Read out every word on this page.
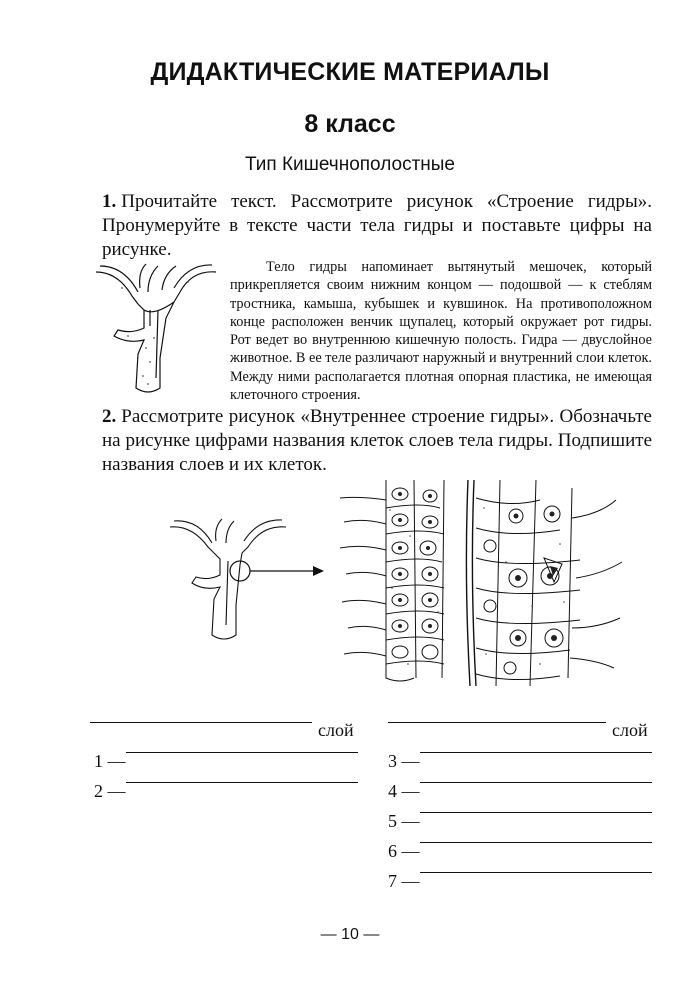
ДИДАКТИЧЕСКИЕ МАТЕРИАЛЫ
8 класс
Тип Кишечнополостные
1. Прочитайте текст. Рассмотрите рисунок «Строение гидры». Пронумеруйте в тексте части тела гидры и поставьте цифры на рисунке.
Тело гидры напоминает вытянутый мешочек, который прикрепляется своим нижним концом — подошвой — к стеблям тростника, камыша, кубышек и кувшинок. На противоположном конце расположен венчик щупалец, который окружает рот гидры. Рот ведет во внутреннюю кишечную полость. Гидра — двуслойное животное. В ее теле различают наружный и внутренний слои клеток. Между ними располагается плотная опорная пластика, не имеющая клеточного строения.
2. Рассмотрите рисунок «Внутреннее строение гидры». Обозначьте на рисунке цифрами названия клеток слоев тела гидры. Подпишите названия слоев и их клеток.
слой
1 —
2 —
слой
3 —
4 —
5 —
6 —
7 —
— 10 —
